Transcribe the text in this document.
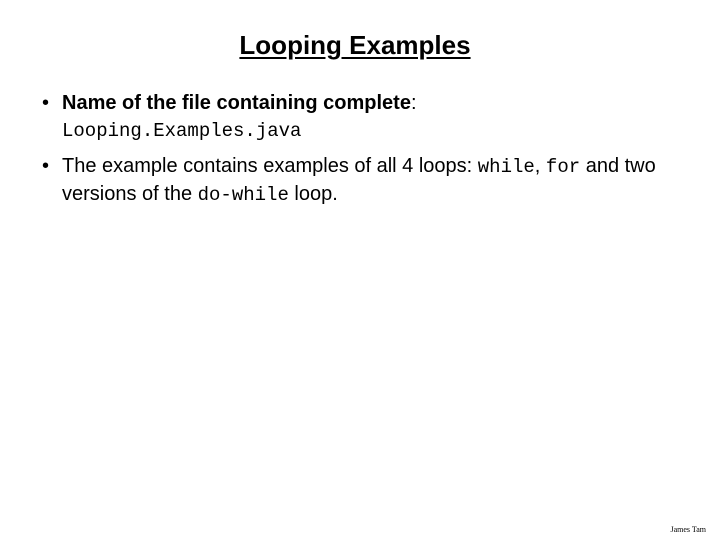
Looping Examples
• Name of the file containing complete:
Looping.Examples.java
• The example contains examples of all 4 loops: while, for and two versions of the do-while loop.
James Tam
